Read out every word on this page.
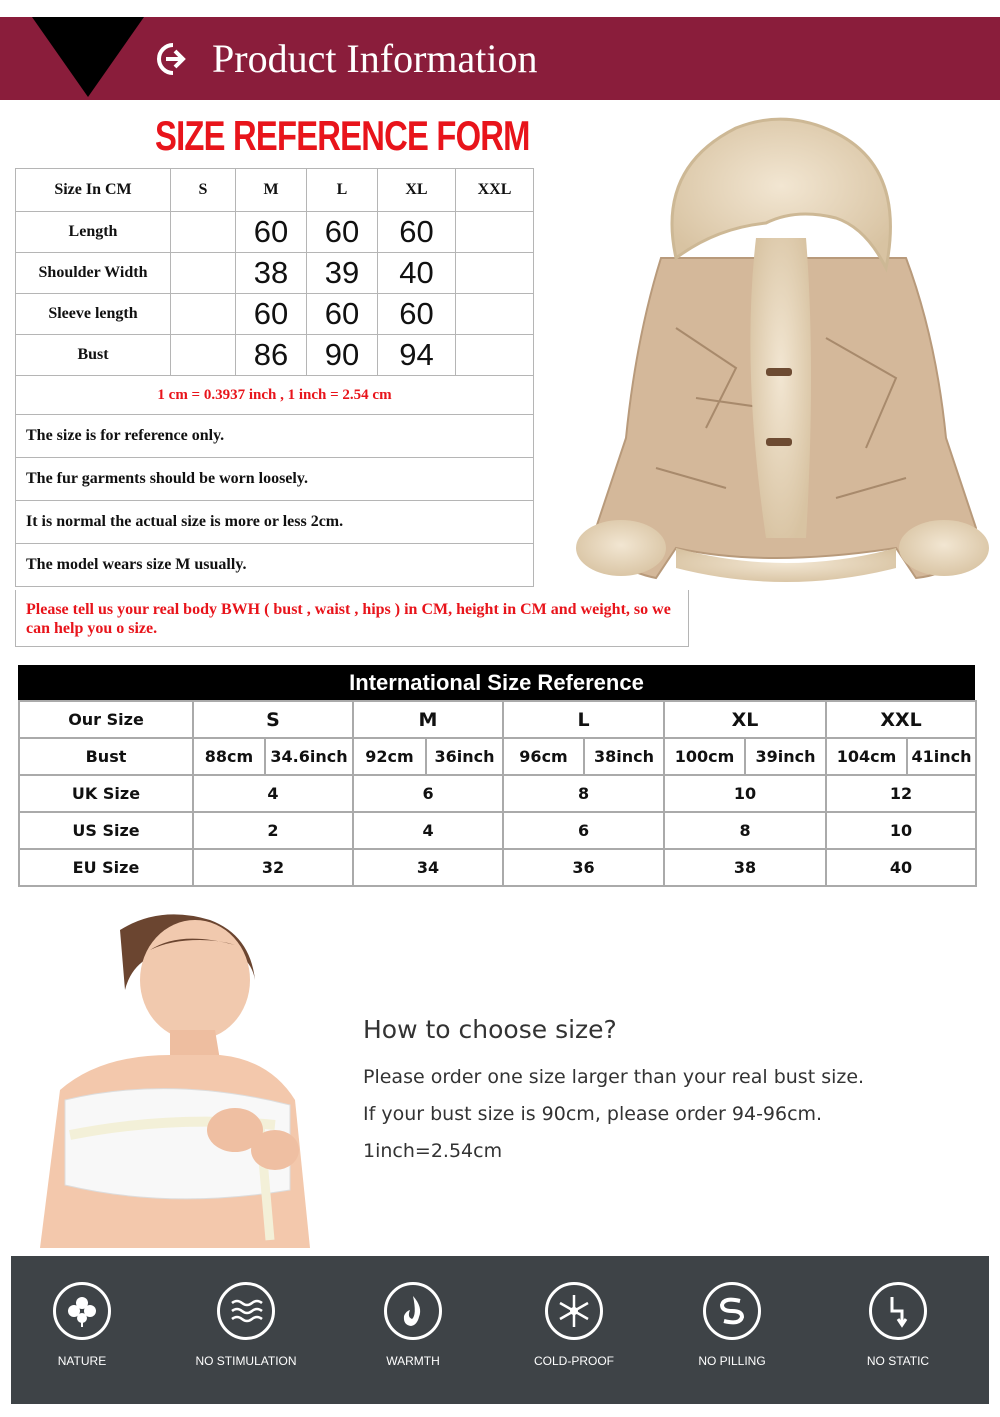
Product Information
SIZE REFERENCE FORM
Size In CM	S	M	L	XL	XXL
Length		60	60	60	
Shoulder Width		38	39	40	
Sleeve length		60	60	60	
Bust		86	90	94	
1 cm = 0.3937 inch , 1 inch = 2.54 cm					
The size is for reference only.					
The fur garments should be worn loosely.					
It is normal the actual size is more or less 2cm.					
The model wears size M usually.					
Please tell us your real body BWH ( bust , waist , hips ) in CM, height in CM and weight, so we can help you o size.
International Size Reference
Our Size	S		M		L		XL		XXL	
Bust	88cm	34.6inch	92cm	36inch	96cm	38inch	100cm	39inch	104cm	41inch
UK Size	4		6		8		10		12	
US Size	2		4		6		8		10	
EU Size	32		34		36		38		40	
How to choose size?
Please order one size larger than your real bust size.
If your bust size is 90cm, please order 94-96cm.
1inch=2.54cm
NATURE	NO STIMULATION	WARMTH	COLD-PROOF	NO PILLING	NO STATIC
